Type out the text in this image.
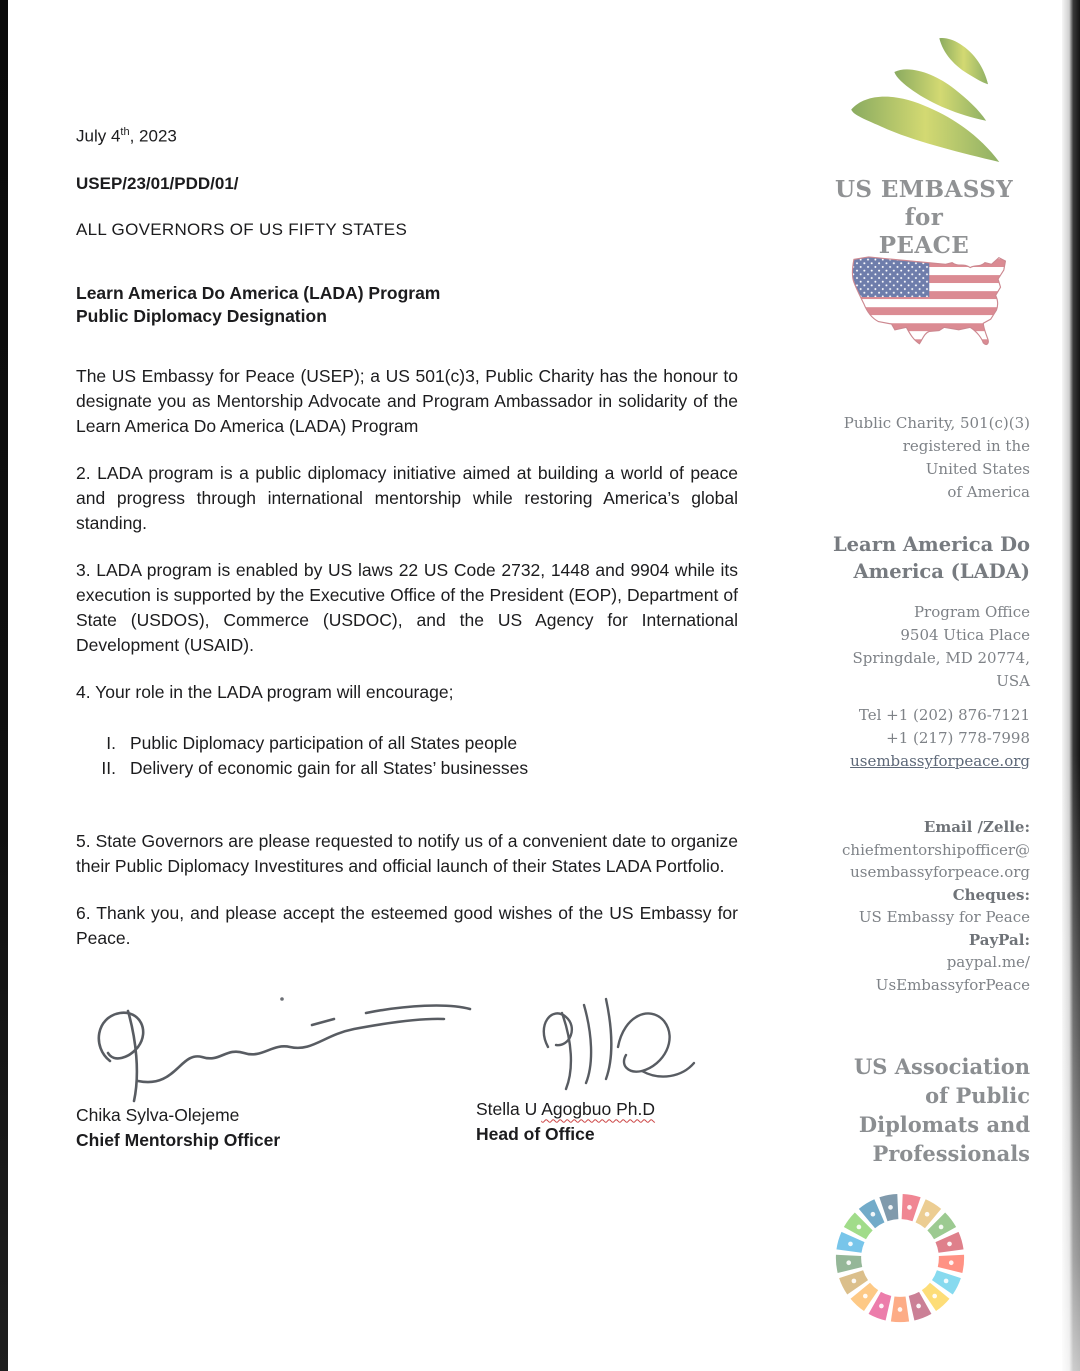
July 4th, 2023

USEP/23/01/PDD/01/

ALL GOVERNORS OF US FIFTY STATES

Learn America Do America (LADA) Program
Public Diplomacy Designation

The US Embassy for Peace (USEP); a US 501(c)3, Public Charity has the honour to designate you as Mentorship Advocate and Program Ambassador in solidarity of the Learn America Do America (LADA) Program

2. LADA program is a public diplomacy initiative aimed at building a world of peace and progress through international mentorship while restoring America’s global standing.

3. LADA program is enabled by US laws 22 US Code 2732, 1448 and 9904 while its execution is supported by the Executive Office of the President (EOP), Department of State (USDOS), Commerce (USDOC), and the US Agency for International Development (USAID).

4. Your role in the LADA program will encourage;

I. Public Diplomacy participation of all States people
II. Delivery of economic gain for all States’ businesses

5. State Governors are please requested to notify us of a convenient date to organize their Public Diplomacy Investitures and official launch of their States LADA Portfolio.

6. Thank you, and please accept the esteemed good wishes of the US Embassy for Peace.

Chika Sylva-Olejeme
Chief Mentorship Officer
Stella U Agogbuo Ph.D
Head of Office
US EMBASSY for
PEACE
Public Charity, 501(c)(3)
registered in the
United States
of America
Learn America Do
America (LADA)
Program Office
9504 Utica Place
Springdale, MD 20774,
USA
Tel +1 (202) 876-7121
+1 (217) 778-7998
usembassyforpeace.org
Email /Zelle:
chiefmentorshipofficer@
usembassyforpeace.org
Cheques:
US Embassy for Peace
PayPal:
paypal.me/
UsEmbassyforPeace
US Association
of Public
Diplomats and
Professionals
